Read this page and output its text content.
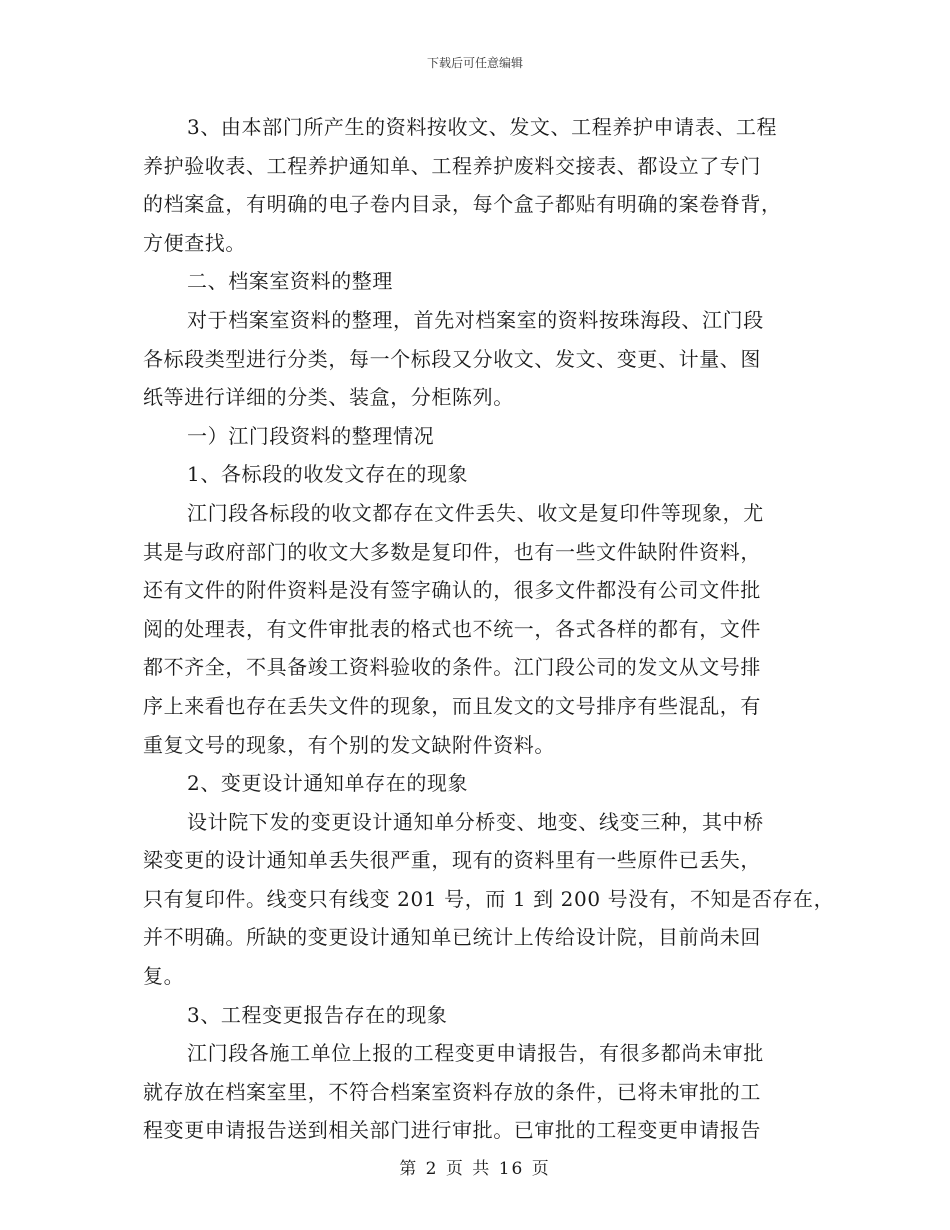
下载后可任意编辑
3、由本部门所产生的资料按收文、发文、工程养护申请表、工程
养护验收表、工程养护通知单、工程养护废料交接表、都设立了专门
的档案盒，有明确的电子卷内目录，每个盒子都贴有明确的案卷脊背，
方便查找。
二、档案室资料的整理
对于档案室资料的整理，首先对档案室的资料按珠海段、江门段
各标段类型进行分类，每一个标段又分收文、发文、变更、计量、图
纸等进行详细的分类、装盒，分柜陈列。
一）江门段资料的整理情况
1、各标段的收发文存在的现象
江门段各标段的收文都存在文件丢失、收文是复印件等现象，尤
其是与政府部门的收文大多数是复印件，也有一些文件缺附件资料，
还有文件的附件资料是没有签字确认的，很多文件都没有公司文件批
阅的处理表，有文件审批表的格式也不统一，各式各样的都有，文件
都不齐全，不具备竣工资料验收的条件。江门段公司的发文从文号排
序上来看也存在丢失文件的现象，而且发文的文号排序有些混乱，有
重复文号的现象，有个别的发文缺附件资料。
2、变更设计通知单存在的现象
设计院下发的变更设计通知单分桥变、地变、线变三种，其中桥
梁变更的设计通知单丢失很严重，现有的资料里有一些原件已丢失，
只有复印件。线变只有线变 201 号，而 1 到 200 号没有，不知是否存在，
并不明确。所缺的变更设计通知单已统计上传给设计院，目前尚未回
复。
3、工程变更报告存在的现象
江门段各施工单位上报的工程变更申请报告，有很多都尚未审批
就存放在档案室里，不符合档案室资料存放的条件，已将未审批的工
程变更申请报告送到相关部门进行审批。已审批的工程变更申请报告
第 2 页 共 16 页
